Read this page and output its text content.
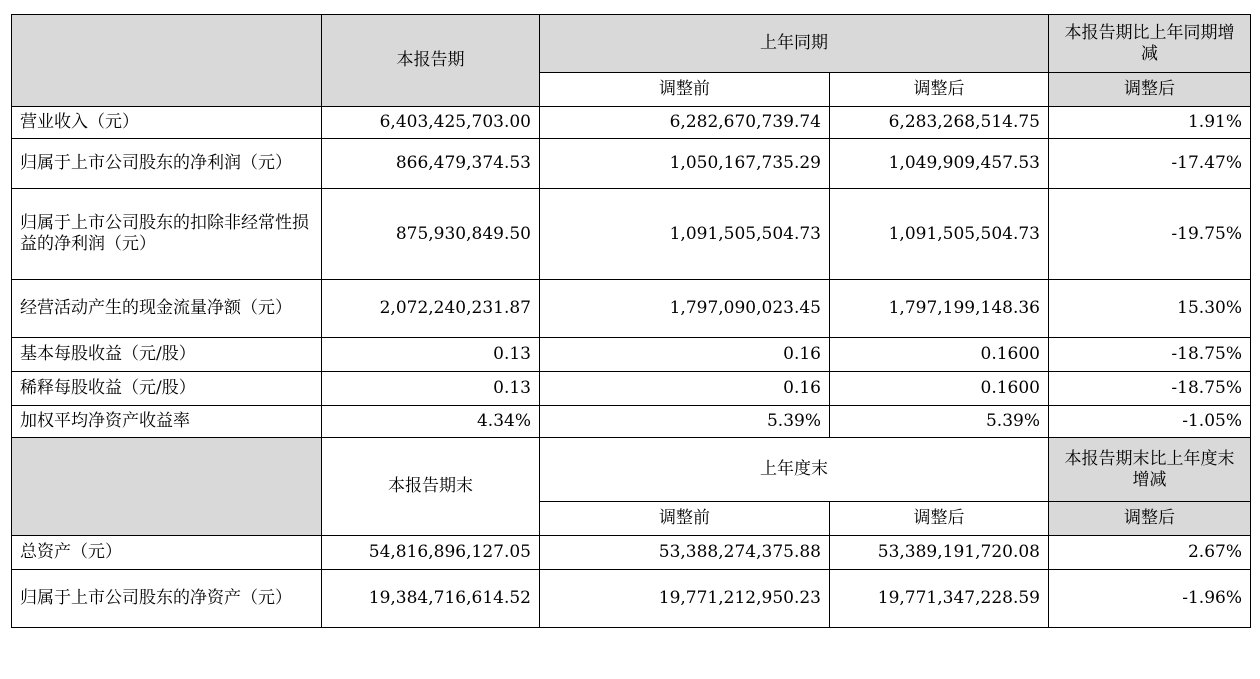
	本报告期	上年同期		本报告期比上年同期增减
		调整前	调整后	调整后
营业收入（元）	6,403,425,703.00	6,282,670,739.74	6,283,268,514.75	1.91%
归属于上市公司股东的净利润（元）	866,479,374.53	1,050,167,735.29	1,049,909,457.53	-17.47%
归属于上市公司股东的扣除非经常性损益的净利润（元）	875,930,849.50	1,091,505,504.73	1,091,505,504.73	-19.75%
经营活动产生的现金流量净额（元）	2,072,240,231.87	1,797,090,023.45	1,797,199,148.36	15.30%
基本每股收益（元/股）	0.13	0.16	0.1600	-18.75%
稀释每股收益（元/股）	0.13	0.16	0.1600	-18.75%
加权平均净资产收益率	4.34%	5.39%	5.39%	-1.05%
	本报告期末	上年度末		本报告期末比上年度末增减
		调整前	调整后	调整后
总资产（元）	54,816,896,127.05	53,388,274,375.88	53,389,191,720.08	2.67%
归属于上市公司股东的净资产（元）	19,384,716,614.52	19,771,212,950.23	19,771,347,228.59	-1.96%
